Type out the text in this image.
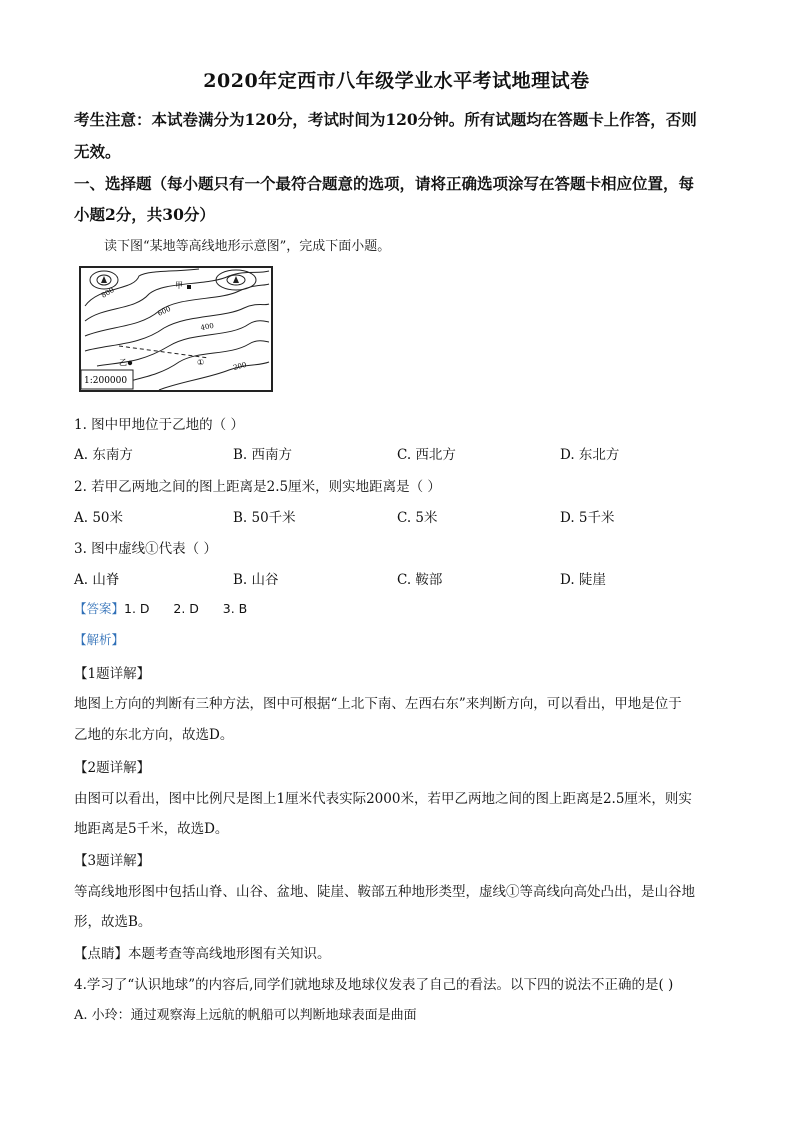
2020年定西市八年级学业水平考试地理试卷
考生注意：本试卷满分为120分，考试时间为120分钟。所有试题均在答题卡上作答，否则
无效。
一、选择题（每小题只有一个最符合题意的选项，请将正确选项涂写在答题卡相应位置，每
小题2分，共30分）
读下图“某地等高线地形示意图”，完成下面小题。
甲
乙	①
800
600
400
200
1:200000
1. 图中甲地位于乙地的（ ）
A. 东南方	B. 西南方	C. 西北方	D. 东北方
2. 若甲乙两地之间的图上距离是2.5厘米，则实地距离是（ ）
A. 50米	B. 50千米	C. 5米	D. 5千米
3. 图中虚线①代表（ ）
A. 山脊	B. 山谷	C. 鞍部	D. 陡崖
【答案】1. D      2. D      3. B
【解析】
【1题详解】
地图上方向的判断有三种方法，图中可根据“上北下南、左西右东”来判断方向，可以看出，甲地是位于
乙地的东北方向，故选D。
【2题详解】
由图可以看出，图中比例尺是图上1厘米代表实际2000米，若甲乙两地之间的图上距离是2.5厘米，则实
地距离是5千米，故选D。
【3题详解】
等高线地形图中包括山脊、山谷、盆地、陡崖、鞍部五种地形类型，虚线①等高线向高处凸出，是山谷地
形，故选B。
【点睛】本题考查等高线地形图有关知识。
4.学习了“认识地球”的内容后,同学们就地球及地球仪发表了自己的看法。以下四的说法不正确的是( )
A. 小玲：通过观察海上远航的帆船可以判断地球表面是曲面
